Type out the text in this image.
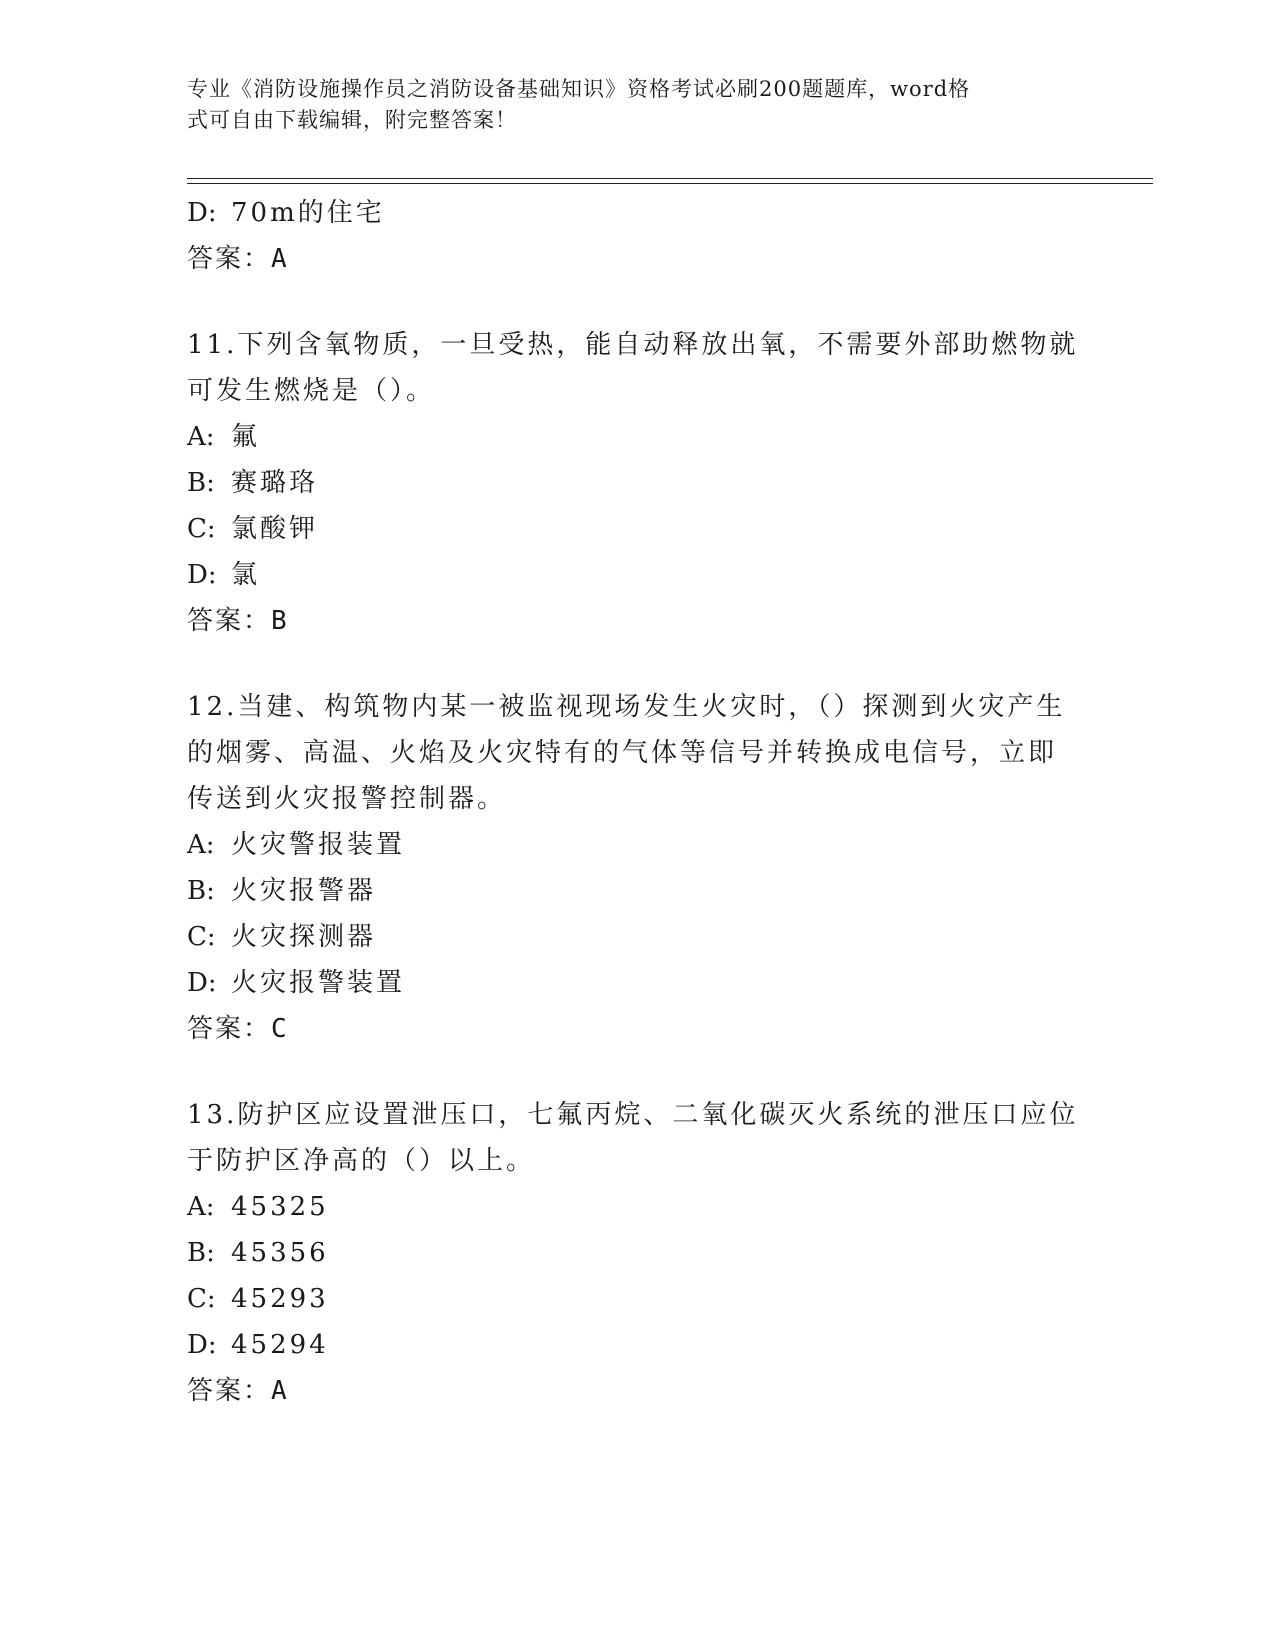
专业《消防设施操作员之消防设备基础知识》资格考试必刷200题题库，word格
式可自由下载编辑，附完整答案！
D: 70m的住宅
答案：A
11.下列含氧物质，一旦受热，能自动释放出氧，不需要外部助燃物就
可发生燃烧是（）。
A: 氟
B: 赛璐珞
C: 氯酸钾
D: 氯
答案：B
12.当建、构筑物内某一被监视现场发生火灾时，（）探测到火灾产生
的烟雾、高温、火焰及火灾特有的气体等信号并转换成电信号，立即
传送到火灾报警控制器。
A: 火灾警报装置
B: 火灾报警器
C: 火灾探测器
D: 火灾报警装置
答案：C
13.防护区应设置泄压口，七氟丙烷、二氧化碳灭火系统的泄压口应位
于防护区净高的（）以上。
A: 45325
B: 45356
C: 45293
D: 45294
答案：A
